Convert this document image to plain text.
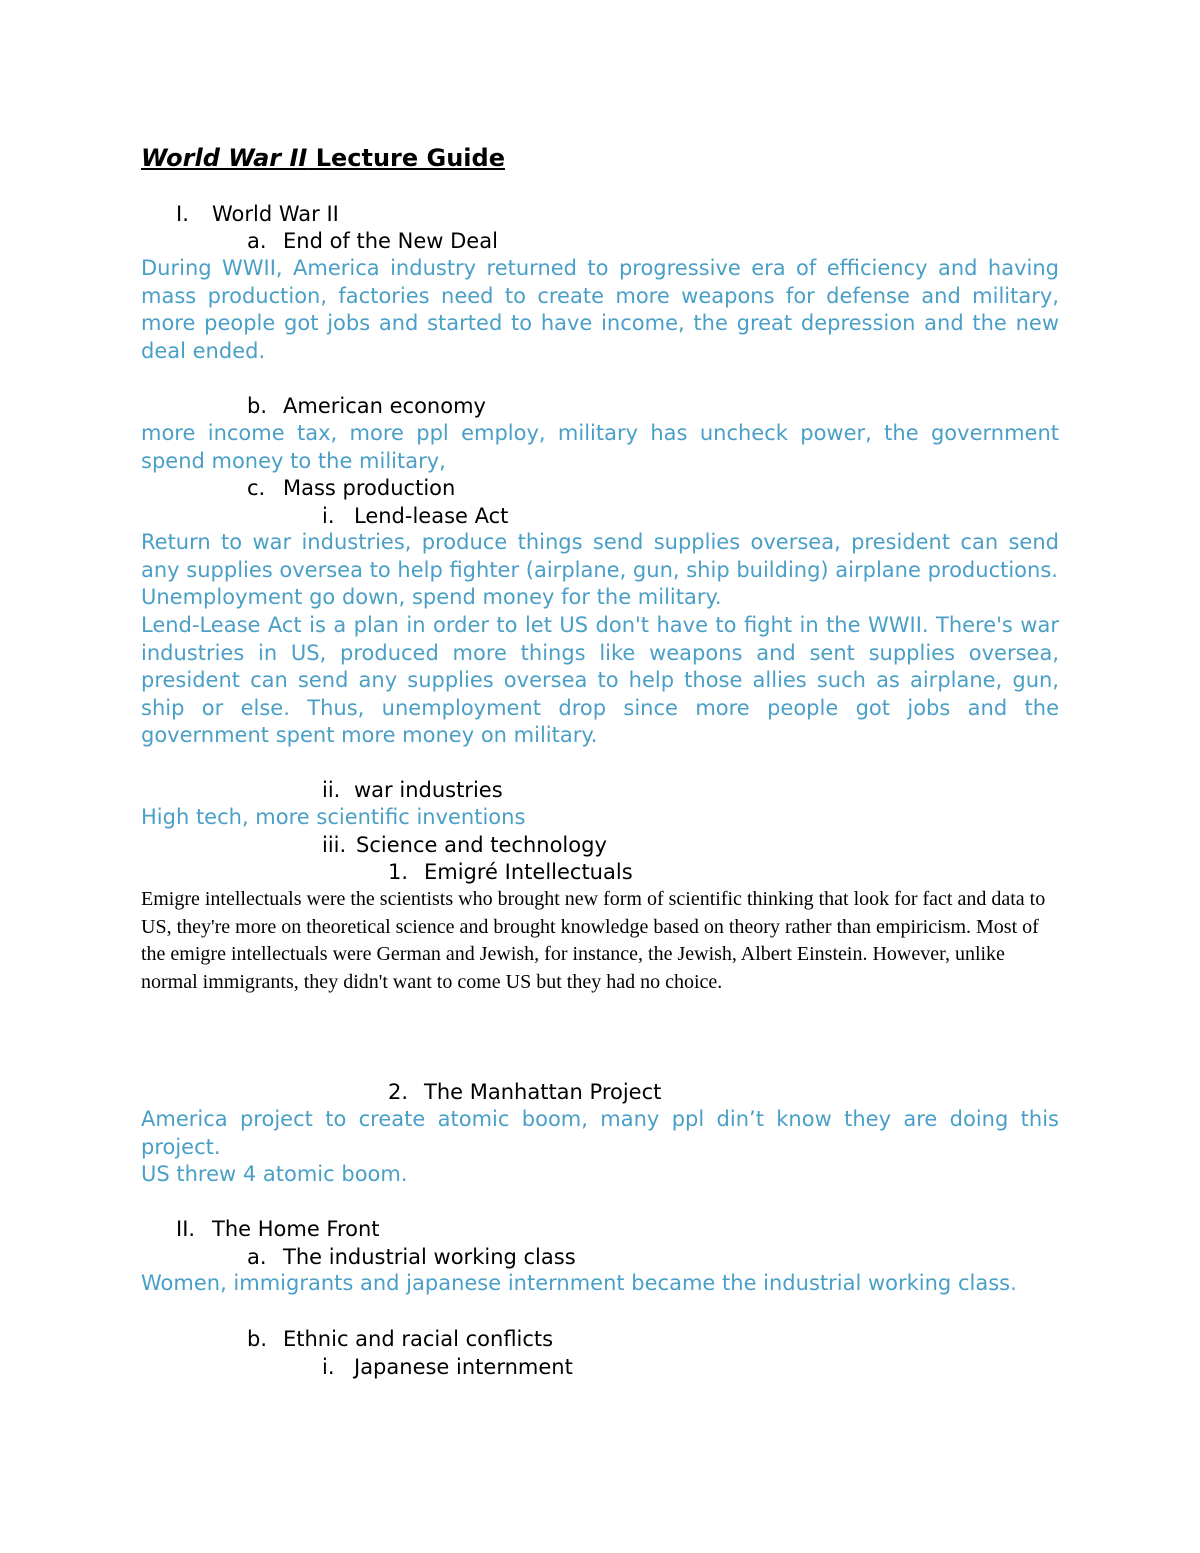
World War II Lecture Guide
I. World War II
a. End of the New Deal
During WWII, America industry returned to progressive era of efficiency and having mass production, factories need to create more weapons for defense and military, more people got jobs and started to have income, the great depression and the new deal ended.
b. American economy
more income tax, more ppl employ, military has uncheck power, the government spend money to the military,
c. Mass production
i. Lend-lease Act
Return to war industries, produce things send supplies oversea, president can send any supplies oversea to help fighter (airplane, gun, ship building) airplane productions.
Unemployment go down, spend money for the military.
Lend-Lease Act is a plan in order to let US don't have to fight in the WWII. There's war industries in US, produced more things like weapons and sent supplies oversea, president can send any supplies oversea to help those allies such as airplane, gun, ship or else. Thus, unemployment drop since more people got jobs and the government spent more money on military.
ii. war industries
High tech, more scientific inventions
iii. Science and technology
1. Emigré Intellectuals
Emigre intellectuals were the scientists who brought new form of scientific thinking that look for fact and data to US, they're more on theoretical science and brought knowledge based on theory rather than empiricism. Most of the emigre intellectuals were German and Jewish, for instance, the Jewish, Albert Einstein. However, unlike normal immigrants, they didn't want to come US but they had no choice.
2. The Manhattan Project
America project to create atomic boom, many ppl din’t know they are doing this project.
US threw 4 atomic boom.
II. The Home Front
a. The industrial working class
Women, immigrants and japanese internment became the industrial working class.
b. Ethnic and racial conflicts
i. Japanese internment
